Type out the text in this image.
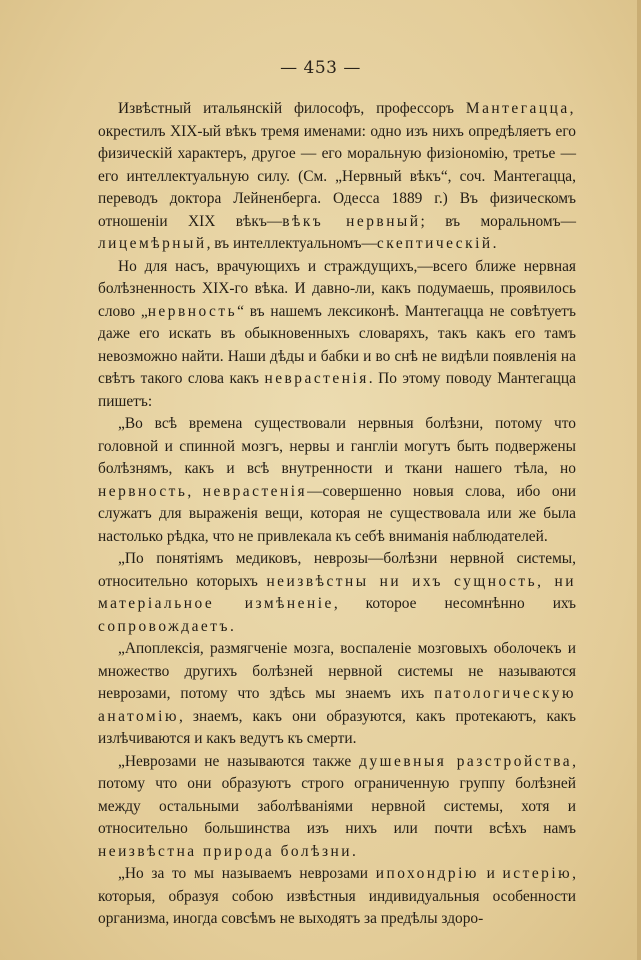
— 453 —

Извѣстный итальянскій философъ, профессоръ Мантегацца, окрестилъ XIX-ый вѣкъ тремя именами: одно изъ нихъ опредѣляетъ его физическій характеръ, другое — его моральную физіономію, третье — его интеллектуальную силу. (См. „Нервный вѣкъ“, соч. Мантегацца, переводъ доктора Лейненберга. Одесса 1889 г.) Въ физическомъ отношеніи XIX вѣкъ—вѣкъ нервный; въ моральномъ—лицемѣрный, въ интеллектуальномъ—скептическій.

Но для насъ, врачующихъ и страждущихъ,—всего ближе нервная болѣзненность XIX-го вѣка. И давно-ли, какъ подумаешь, проявилось слово „нервность“ въ нашемъ лексиконѣ. Мантегацца не совѣтуетъ даже его искать въ обыкновенныхъ словаряхъ, такъ какъ его тамъ невозможно найти. Наши дѣды и бабки и во снѣ не видѣли появленія на свѣтъ такого слова какъ неврастенія. По этому поводу Мантегацца пишетъ:

„Во всѣ времена существовали нервныя болѣзни, потому что головной и спинной мозгъ, нервы и гангліи могутъ быть подвержены болѣзнямъ, какъ и всѣ внутренности и ткани нашего тѣла, но нервность, неврастенія—совершенно новыя слова, ибо они служатъ для выраженія вещи, которая не существовала или же была настолько рѣдка, что не привлекала къ себѣ вниманія наблюдателей.

„По понятіямъ медиковъ, неврозы—болѣзни нервной системы, относительно которыхъ неизвѣстны ни ихъ сущность, ни матеріальное измѣненіе, которое несомнѣнно ихъ сопровождаетъ.

„Апоплексія, размягченіе мозга, воспаленіе мозговыхъ оболочекъ и множество другихъ болѣзней нервной системы не называются неврозами, потому что здѣсь мы знаемъ ихъ патологическую анатомію, знаемъ, какъ они образуются, какъ протекаютъ, какъ излѣчиваются и какъ ведутъ къ смерти.

„Неврозами не называются также душевныя разстройства, потому что они образуютъ строго ограниченную группу болѣзней между остальными заболѣваніями нервной системы, хотя и относительно большинства изъ нихъ или почти всѣхъ намъ неизвѣстна природа болѣзни.

„Но за то мы называемъ неврозами ипохондрію и истерію, которыя, образуя собою извѣстныя индивидуальныя особенности организма, иногда совсѣмъ не выходятъ за предѣлы здоро-
